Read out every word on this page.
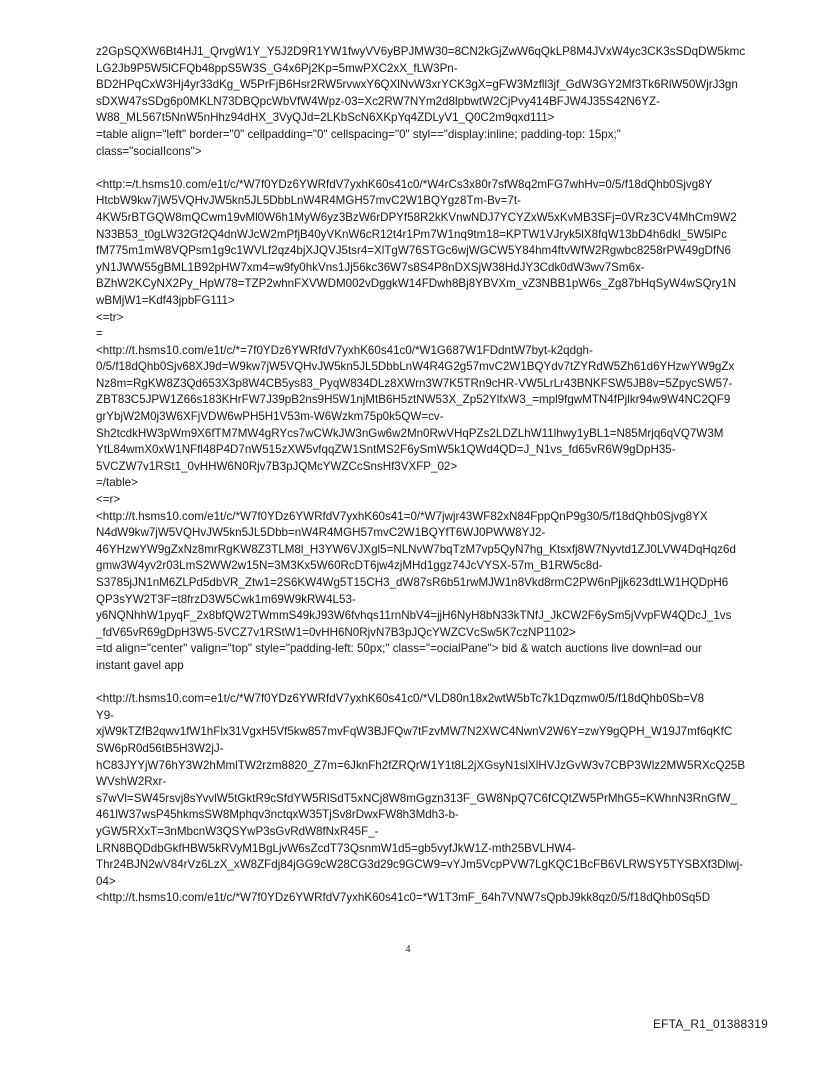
z2GpSQXW6Bt4HJ1_QrvgW1Y_Y5J2D9R1YW1fwyVV6yBPJMW30=8CN2kGjZwW6qQkLP8M4JVxW4yc3CK3sSDqDW5kmc
LG2Jb9P5W5lCFQb48ppS5W3S_G4x6Pj2Kp=5mwPXC2xX_fLW3Pn-
BD2HPqCxW3Hj4yr33dKg_W5PrFjB6Hsr2RW5rvwxY6QXlNvW3xrYCK3gX=gFW3Mzfll3jf_GdW3GY2Mf3Tk6RlW50WjrJ3gn
sDXW47sSDg6p0MKLN73DBQpcWbVfW4Wpz-03=Xc2RW7NYm2d8lpbwtW2CjPvy414BFJW4J35S42N6YZ-
W88_ML567t5NnW5nHhz94dHX_3VyQJd=2LKbScN6XKpYq4ZDLyV1_Q0C2m9qxd111>
=table align="left" border="0" cellpadding="0" cellspacing="0" styl=="display:inline; padding-top: 15px;"
class="socialIcons">
<http:=/t.hsms10.com/e1t/c/*W7f0YDz6YWRfdV7yxhK60s41c0/*W4rCs3x80r7sfW8q2mFG7whHv=0/5/f18dQhb0Sjvg8Y
HtcbW9kw7jW5VQHvJW5kn5JL5DbbLnW4R4MGH57mvC2W1BQYgz8Tm-Bv=7t-
4KW5rBTGQW8mQCwm19vMl0W6h1MyW6yz3BzW6rDPYf58R2kKVnwNDJ7YCYZxW5xKvMB3SFj=0VRz3CV4MhCm9W2
N33B53_t0gLW32Gf2Q4dnWJcW2mPfjB40yVKnW6cR12t4r1Pm7W1nq9tm18=KPTW1VJryk5lX8fqW13bD4h6dkl_5W5lPc
fM775m1mW8VQPsm1g9c1WVLf2qz4bjXJQVJ5tsr4=XlTgW76STGc6wjWGCW5Y84hm4ftvWfW2Rgwbc8258rPW49gDfN6
yN1JWW55gBML1B92pHW7xm4=w9fy0hkVns1Jj56kc36W7s8S4P8nDXSjW38HdJY3Cdk0dW3wv7Sm6x-
BZhW2KCyNX2Py_HpW78=TZP2whnFXVWDM002vDggkW14FDwh8Bj8YBVXm_vZ3NBB1pW6s_Zg87bHqSyW4wSQry1N
wBMjW1=Kdf43jpbFG111>
<=tr>
=
<http://t.hsms10.com/e1t/c/*=7f0YDz6YWRfdV7yxhK60s41c0/*W1G687W1FDdntW7byt-k2qdgh-
0/5/f18dQhb0Sjv68XJ9d=W9kw7jW5VQHvJW5kn5JL5DbbLnW4R4G2g57mvC2W1BQYdv7tZYRdW5Zh61d6YHzwYW9gZx
Nz8m=RgKW8Z3Qd653X3p8W4CB5ys83_PyqW834DLz8XWrn3W7K5TRn9cHR-VW5LrLr43BNKFSW5JB8v=5ZpycSW57-
ZBT83C5JPW1Z66s183KHrFW7J39pB2ns9H5W1njMtB6H5ztNW53X_Zp52YlfxW3_=mpl9fgwMTN4fPjlkr94w9W4NC2QF9
grYbjW2M0j3W6XFjVDW6wPH5H1V53m-W6Wzkm75p0k5QW=cv-
Sh2tcdkHW3pWm9X6fTM7MW4gRYcs7wCWkJW3nGw6w2Mn0RwVHqPZs2LDZLhW11lhwy1yBL1=N85Mrjq6qVQ7W3M
YtL84wmX0xW1NFfl48P4D7nW515zXW5vfqqZW1SntMS2F6ySmW5k1QWd4QD=J_N1vs_fd65vR6W9gDpH35-
5VCZW7v1RSt1_0vHHW6N0Rjv7B3pJQMcYWZCcSnsHf3VXFP_02>
=/table>
<=r>
<http://t.hsms10.com/e1t/c/*W7f0YDz6YWRfdV7yxhK60s41=0/*W7jwjr43WF82xN84FppQnP9g30/5/f18dQhb0Sjvg8YX
N4dW9kw7jW5VQHvJW5kn5JL5Dbb=nW4R4MGH57mvC2W1BQYfT6WJ0PWW8YJ2-
46YHzwYW9gZxNz8mrRgKW8Z3TLM8l_H3YW6VJXgl5=NLNvW7bqTzM7vp5QyN7hg_Ktsxfj8W7Nyvtd1ZJ0LVW4DqHqz6d
gmw3W4yv2r03LmS2WW2w15N=3M3Kx5W60RcDT6jw4zjMHd1ggz74JcVYSX-57m_B1RW5c8d-
S3785jJN1nM6ZLPd5dbVR_Ztw1=2S6KW4Wg5T15CH3_dW87sR6b51rwMJW1n8Vkd8rmC2PW6nPjjk623dtLW1HQDpH6
QP3sYW2T3F=t8frzD3W5Cwk1m69W9kRW4L53-
y6NQNhhW1pyqF_2x8bfQW2TWmmS49kJ93W6fvhqs11rnNbV4=jjH6NyH8bN33kTNfJ_JkCW2F6ySm5jVvpFW4QDcJ_1vs
_fdV65vR69gDpH3W5-5VCZ7v1RStW1=0vHH6N0RjvN7B3pJQcYWZCVcSw5K7czNP1102>
=td align="center" valign="top" style="padding-left: 50px;" class="=ocialPane"> bid & watch auctions live downl=ad our
instant gavel app
<http://t.hsms10.com=e1t/c/*W7f0YDz6YWRfdV7yxhK60s41c0/*VLD80n18x2wtW5bTc7k1Dqzmw0/5/f18dQhb0Sb=V8
Y9-
xjW9kTZfB2qwv1fW1hFlx31VgxH5Vf5kw857mvFqW3BJFQw7tFzvMW7N2XWC4NwnV2W6Y=zwY9gQPH_W19J7mf6qKfC
SW6pR0d56tB5H3W2jJ-
hC83JYYjW76hY3W2hMmlTW2rzm8820_Z7m=6JknFh2fZRQrW1Y1t8L2jXGsyN1slXlHVJzGvW3v7CBP3Wlz2MW5RXcQ25B
WVshW2Rxr-
s7wVl=SW45rsvj8sYvvlW5tGktR9cSfdYW5RlSdT5xNCj8W8mGgzn313F_GW8NpQ7C6fCQtZW5PrMhG5=KWhnN3RnGfW_
461lW37wsP45hkmsSW8Mphqv3nctqxW35TjSv8rDwxFW8h3Mdh3-b-
yGW5RXxT=3nMbcnW3QSYwP3sGvRdW8fNxR45F_-
LRN8BQDdbGkfHBW5kRVyM1BgLjvW6sZcdT73QsnmW1d5=gb5vyfJkW1Z-mth25BVLHW4-
Thr24BJN2wV84rVz6LzX_xW8ZFdj84jGG9cW28CG3d29c9GCW9=vYJm5VcpPVW7LgKQC1BcFB6VLRWSY5TYSBXf3Dlwj-
04>
<http://t.hsms10.com/e1t/c/*W7f0YDz6YWRfdV7yxhK60s41c0=*W1T3mF_64h7VNW7sQpbJ9kk8qz0/5/f18dQhb0Sq5D
4
EFTA_R1_01388319
